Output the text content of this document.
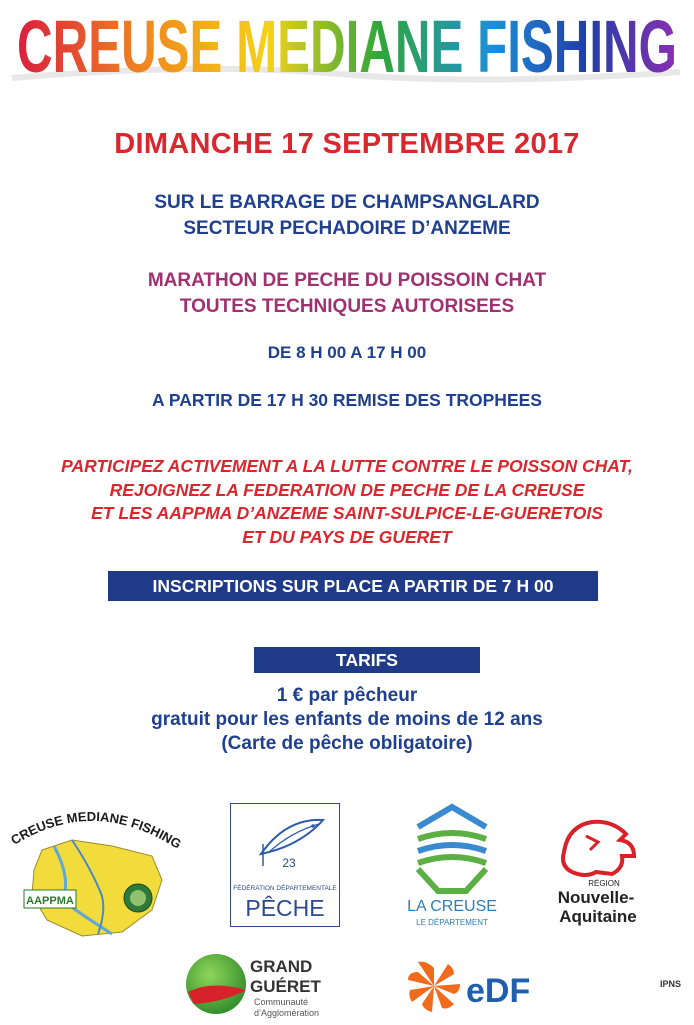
CREUSE MEDIANE FISHING
DIMANCHE 17 SEPTEMBRE 2017
SUR LE BARRAGE DE CHAMPSANGLARD
SECTEUR PECHADOIRE D’ANZEME
MARATHON DE PECHE DU POISSOIN CHAT
TOUTES TECHNIQUES AUTORISEES
DE 8 H 00 A 17 H 00
A PARTIR DE 17 H 30 REMISE DES TROPHEES
PARTICIPEZ ACTIVEMENT A LA LUTTE CONTRE LE POISSON CHAT,
REJOIGNEZ LA FEDERATION DE PECHE DE LA CREUSE
ET LES AAPPMA D’ANZEME SAINT-SULPICE-LE-GUERETOIS
ET DU PAYS DE GUERET
INSCRIPTIONS SUR PLACE A PARTIR DE 7 H 00
TARIFS
1 € par pêcheur
gratuit pour les enfants de moins de 12 ans
(Carte de pêche obligatoire)
CREUSE MEDIANE FISHING
AAPPMA
23
FÉDÉRATION DÉPARTEMENTALE
PÊCHE	LA CREUSE
LE DÉPARTEMENT
RÉGION
Nouvelle-
Aquitaine
GRAND
GUÉRET
Communauté
d’Agglomération
eDF	IPNS
